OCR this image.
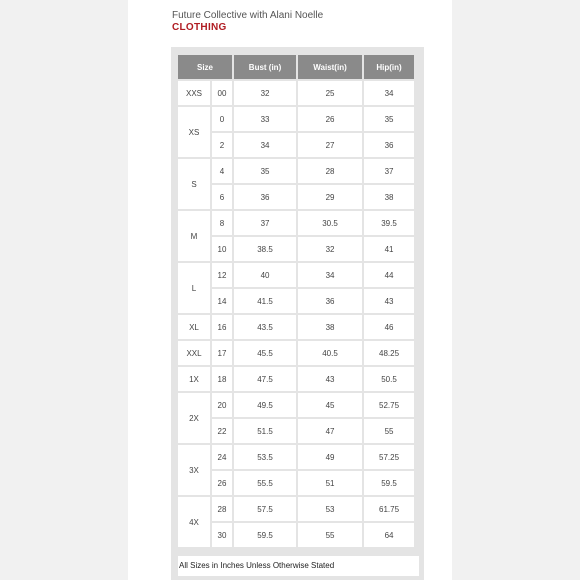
Future Collective with Alani Noelle
CLOTHING
Size		Bust (in)	Waist(in)	Hip(in)
XXS	00	32	25	34
XS	0	33	26	35
	2	34	27	36
S	4	35	28	37
	6	36	29	38
M	8	37	30.5	39.5
	10	38.5	32	41
L	12	40	34	44
	14	41.5	36	43
XL	16	43.5	38	46
XXL	17	45.5	40.5	48.25
1X	18	47.5	43	50.5
2X	20	49.5	45	52.75
	22	51.5	47	55
3X	24	53.5	49	57.25
	26	55.5	51	59.5
4X	28	57.5	53	61.75
	30	59.5	55	64
All Sizes in Inches Unless Otherwise Stated
